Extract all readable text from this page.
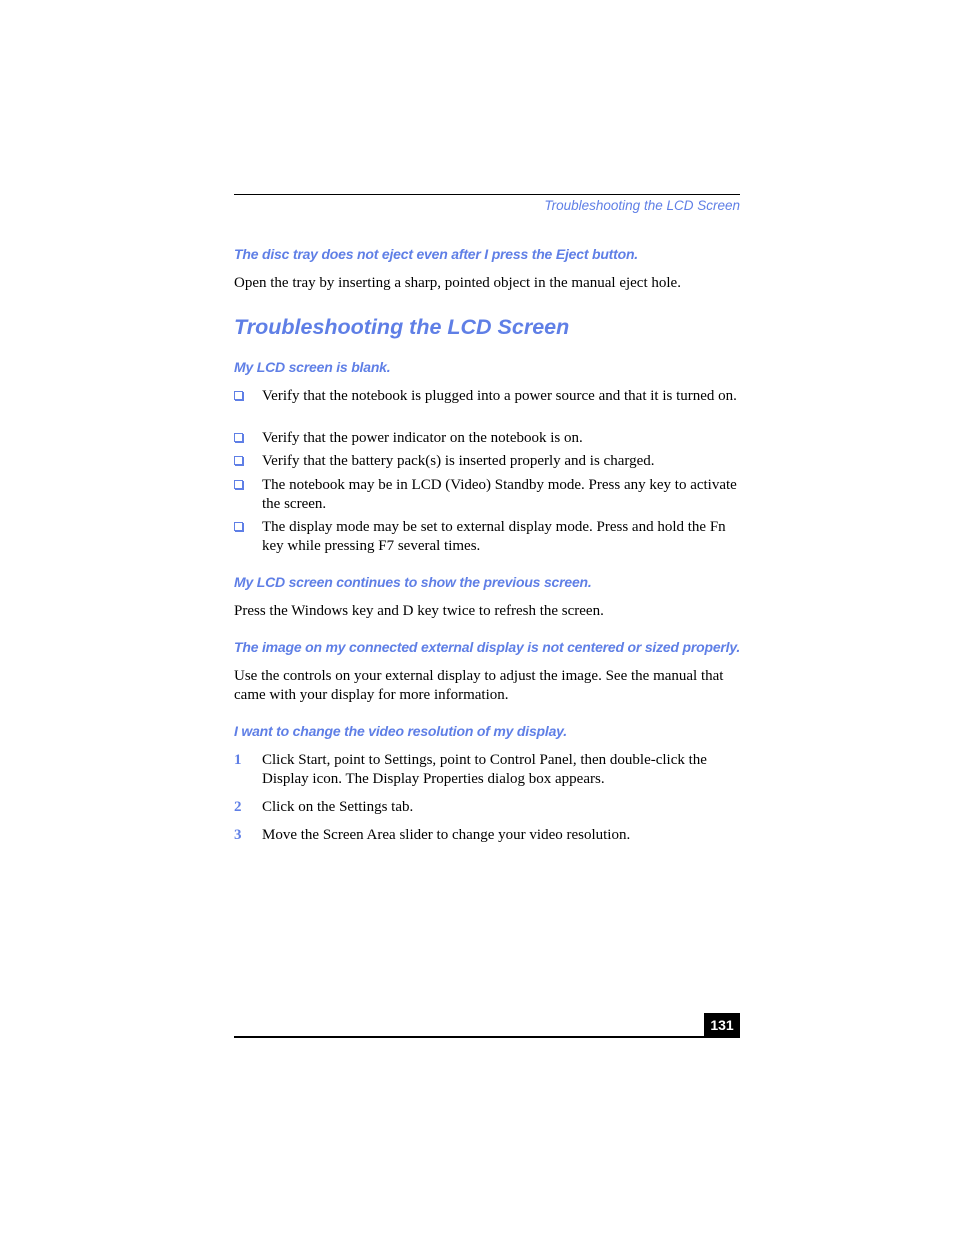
Troubleshooting the LCD Screen
The disc tray does not eject even after I press the Eject button.
Open the tray by inserting a sharp, pointed object in the manual eject hole.
Troubleshooting the LCD Screen
My LCD screen is blank.
Verify that the notebook is plugged into a power source and that it is turned on.
Verify that the power indicator on the notebook is on.
Verify that the battery pack(s) is inserted properly and is charged.
The notebook may be in LCD (Video) Standby mode. Press any key to activate the screen.
The display mode may be set to external display mode. Press and hold the Fn key while pressing F7 several times.
My LCD screen continues to show the previous screen.
Press the Windows key and D key twice to refresh the screen.
The image on my connected external display is not centered or sized properly.
Use the controls on your external display to adjust the image. See the manual that came with your display for more information.
I want to change the video resolution of my display.
1 Click Start, point to Settings, point to Control Panel, then double-click the Display icon. The Display Properties dialog box appears.
2 Click on the Settings tab.
3 Move the Screen Area slider to change your video resolution.
131
